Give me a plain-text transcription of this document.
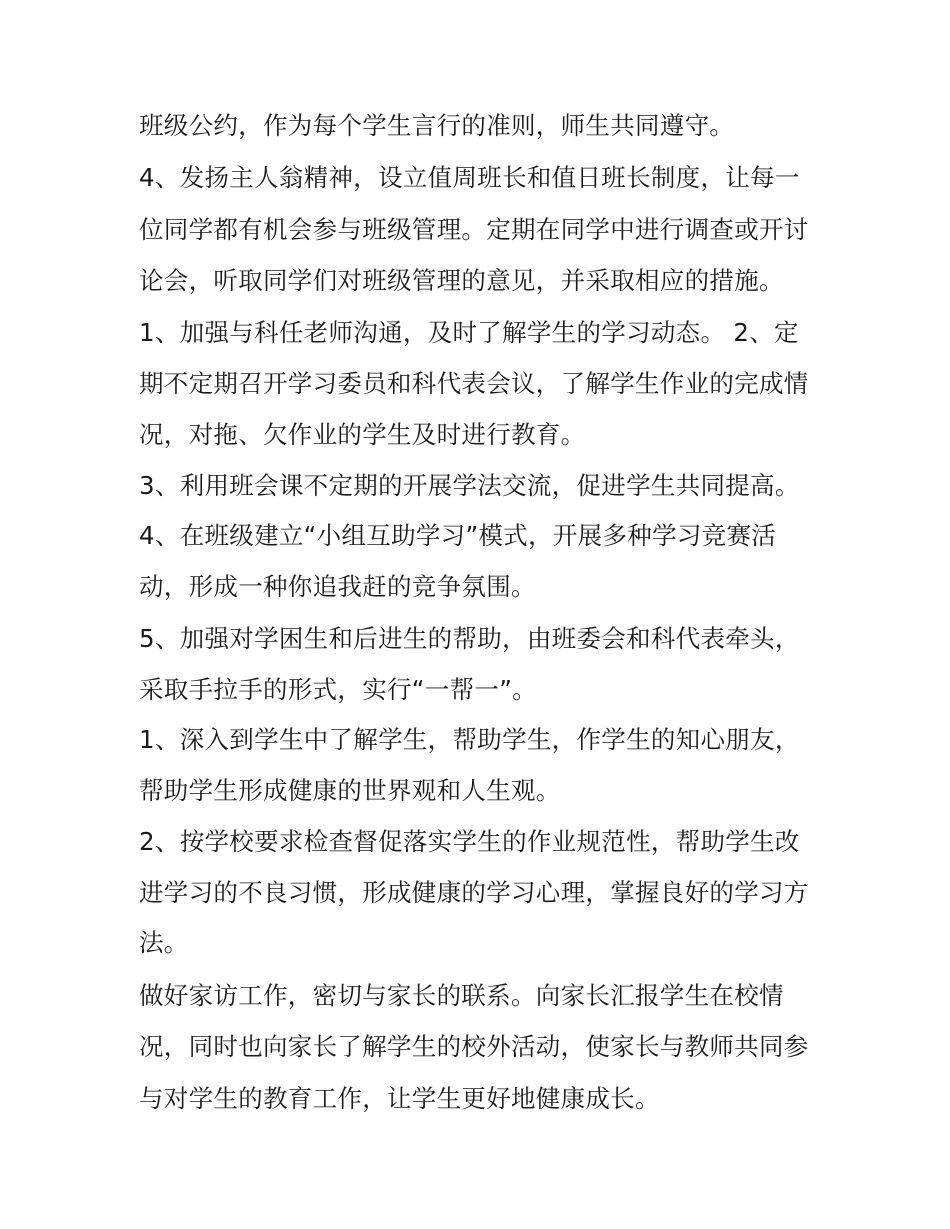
班级公约，作为每个学生言行的准则，师生共同遵守。

4、发扬主人翁精神，设立值周班长和值日班长制度，让每一

位同学都有机会参与班级管理。定期在同学中进行调查或开讨

论会，听取同学们对班级管理的意见，并采取相应的措施。

1、加强与科任老师沟通，及时了解学生的学习动态。 2、定

期不定期召开学习委员和科代表会议，了解学生作业的完成情

况，对拖、欠作业的学生及时进行教育。

3、利用班会课不定期的开展学法交流，促进学生共同提高。

4、在班级建立“小组互助学习”模式，开展多种学习竞赛活

动，形成一种你追我赶的竞争氛围。

5、加强对学困生和后进生的帮助，由班委会和科代表牵头，

采取手拉手的形式，实行“一帮一”。

1、深入到学生中了解学生，帮助学生，作学生的知心朋友，

帮助学生形成健康的世界观和人生观。

2、按学校要求检查督促落实学生的作业规范性，帮助学生改

进学习的不良习惯，形成健康的学习心理，掌握良好的学习方

法。

做好家访工作，密切与家长的联系。向家长汇报学生在校情

况，同时也向家长了解学生的校外活动，使家长与教师共同参

与对学生的教育工作，让学生更好地健康成长。
